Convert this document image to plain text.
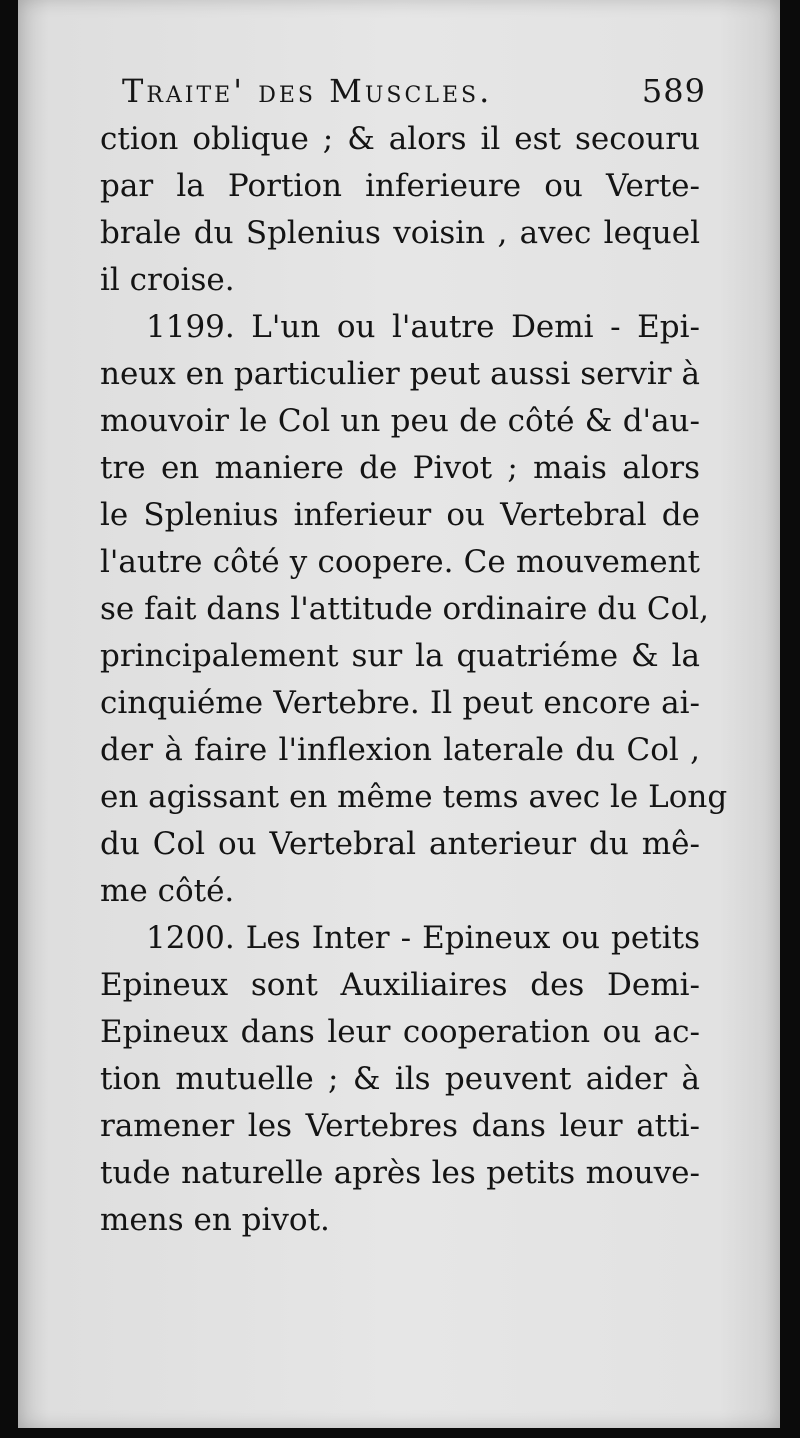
Traite' des Muscles.	589
ction oblique ; & alors il est secouru
par la Portion inferieure ou Verte-
brale du Splenius voisin , avec lequel
il croise.
1199. L'un ou l'autre Demi - Epi-
neux en particulier peut aussi servir à
mouvoir le Col un peu de côté & d'au-
tre en maniere de Pivot ; mais alors
le Splenius inferieur ou Vertebral de
l'autre côté y coopere. Ce mouvement
se fait dans l'attitude ordinaire du Col,
principalement sur la quatriéme & la
cinquiéme Vertebre. Il peut encore ai-
der à faire l'inflexion laterale du Col ,
en agissant en même tems avec le Long
du Col ou Vertebral anterieur du mê-
me côté.
1200. Les Inter - Epineux ou petits
Epineux sont Auxiliaires des Demi-
Epineux dans leur cooperation ou ac-
tion mutuelle ; & ils peuvent aider à
ramener les Vertebres dans leur atti-
tude naturelle après les petits mouve-
mens en pivot.
